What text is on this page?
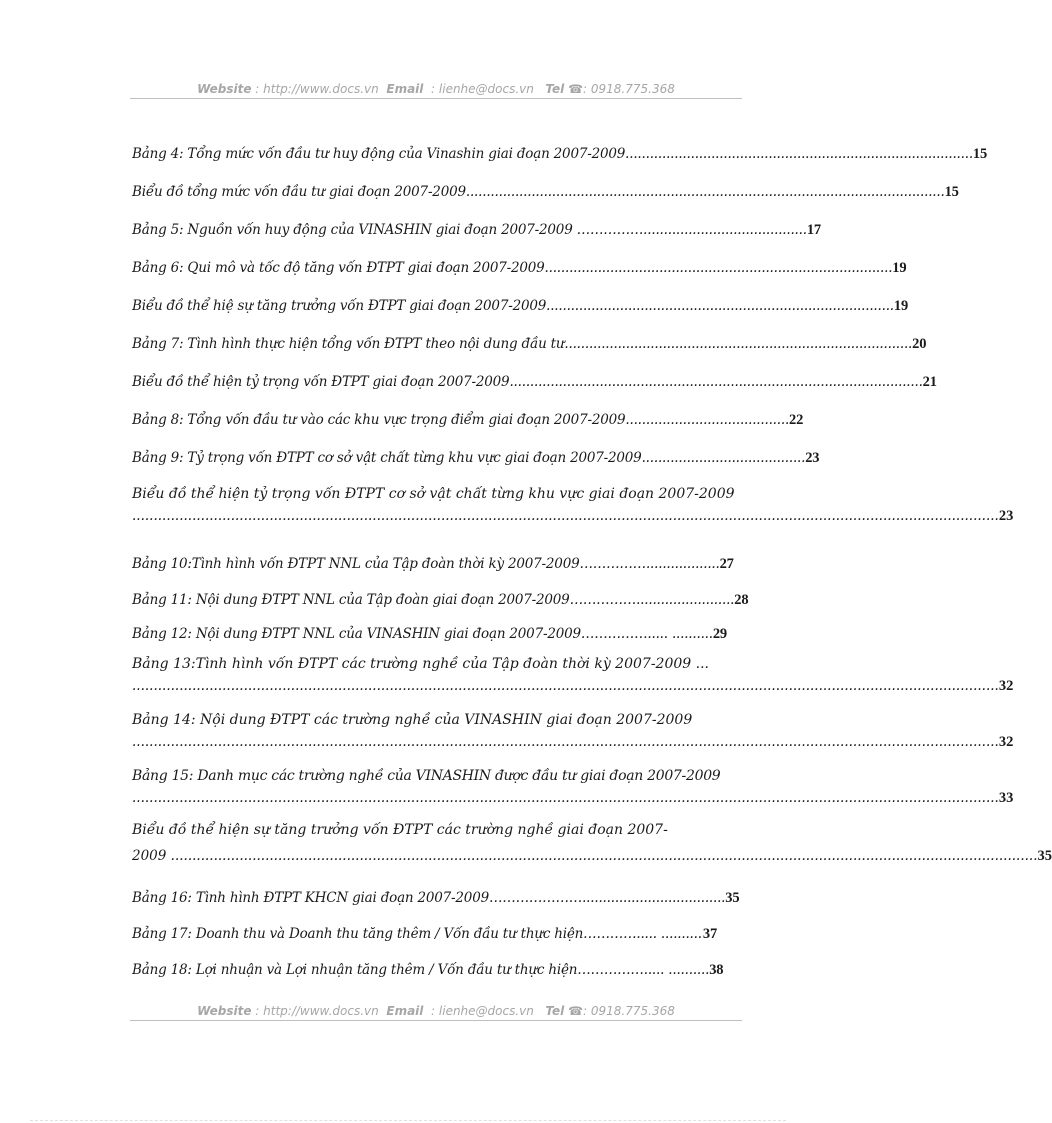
Website : http://www.docs.vn Email : lienhe@docs.vn Tel ☎: 0918.775.368
Bảng 4: Tổng mức vốn đầu tư huy động của Vinashin giai đoạn 2007-2009 ..................................................................................... 15
Biểu đồ tổng mức vốn đầu tư giai đoạn 2007-2009 ..................................................................................................................... 15
Bảng 5: Nguồn vốn huy động của VINASHIN giai đoạn 2007-2009 ……………........................................ 17
Bảng 6: Qui mô và tốc độ tăng vốn ĐTPT giai đoạn 2007-2009 ..................................................................................... 19
Biểu đồ thể hiệ sự tăng trưởng vốn ĐTPT giai đoạn 2007-2009 ..................................................................................... 19
Bảng 7: Tình hình thực hiện tổng vốn ĐTPT theo nội dung đầu tư ..................................................................................... 20
Biểu đồ thể hiện tỷ trọng vốn ĐTPT giai đoạn 2007-2009 ..................................................................................................... 21
Bảng 8: Tổng vốn đầu tư vào các khu vực trọng điểm giai đoạn 2007-2009 ........................................ 22
Bảng 9: Tỷ trọng vốn ĐTPT cơ sở vật chất từng khu vực giai đoạn 2007-2009 ........................................ 23
Biểu đồ thể hiện tỷ trọng vốn ĐTPT cơ sở vật chất từng khu vực giai đoạn 2007-2009
.......................................................................................................................................................................................................... 23
Bảng 10:Tình hình vốn ĐTPT NNL của Tập đoàn thời kỳ 2007-2009 …………….................. 27
Bảng 11: Nội dung ĐTPT NNL của Tập đoàn giai đoạn 2007-2009 ……………........................ 28
Bảng 12: Nội dung ĐTPT NNL của VINASHIN giai đoạn 2007-2009 ……………..... .......... 29
Bảng 13:Tình hình vốn ĐTPT các trường nghề của Tập đoàn thời kỳ 2007-2009 ...
.......................................................................................................................................................................................................... 32
Bảng 14: Nội dung ĐTPT các trường nghề của VINASHIN giai đoạn 2007-2009
.......................................................................................................................................................................................................... 32
Bảng 15: Danh mục các trường nghề của VINASHIN được đầu tư giai đoạn 2007-2009
.......................................................................................................................................................................................................... 33
Biểu đồ thể hiện sự tăng trưởng vốn ĐTPT các trường nghề giai đoạn 2007-
2009
.......................................................................................................................................................................................................... 35
Bảng 16: Tình hình ĐTPT KHCN giai đoạn 2007-2009 …………………................................... 35
Bảng 17: Doanh thu và Doanh thu tăng thêm / Vốn đầu tư thực hiện …………..... .......... 37
Bảng 18: Lợi nhuận và Lợi nhuận tăng thêm / Vốn đầu tư thực hiện ……………..... .......... 38
Website : http://www.docs.vn Email : lienhe@docs.vn Tel ☎: 0918.775.368
